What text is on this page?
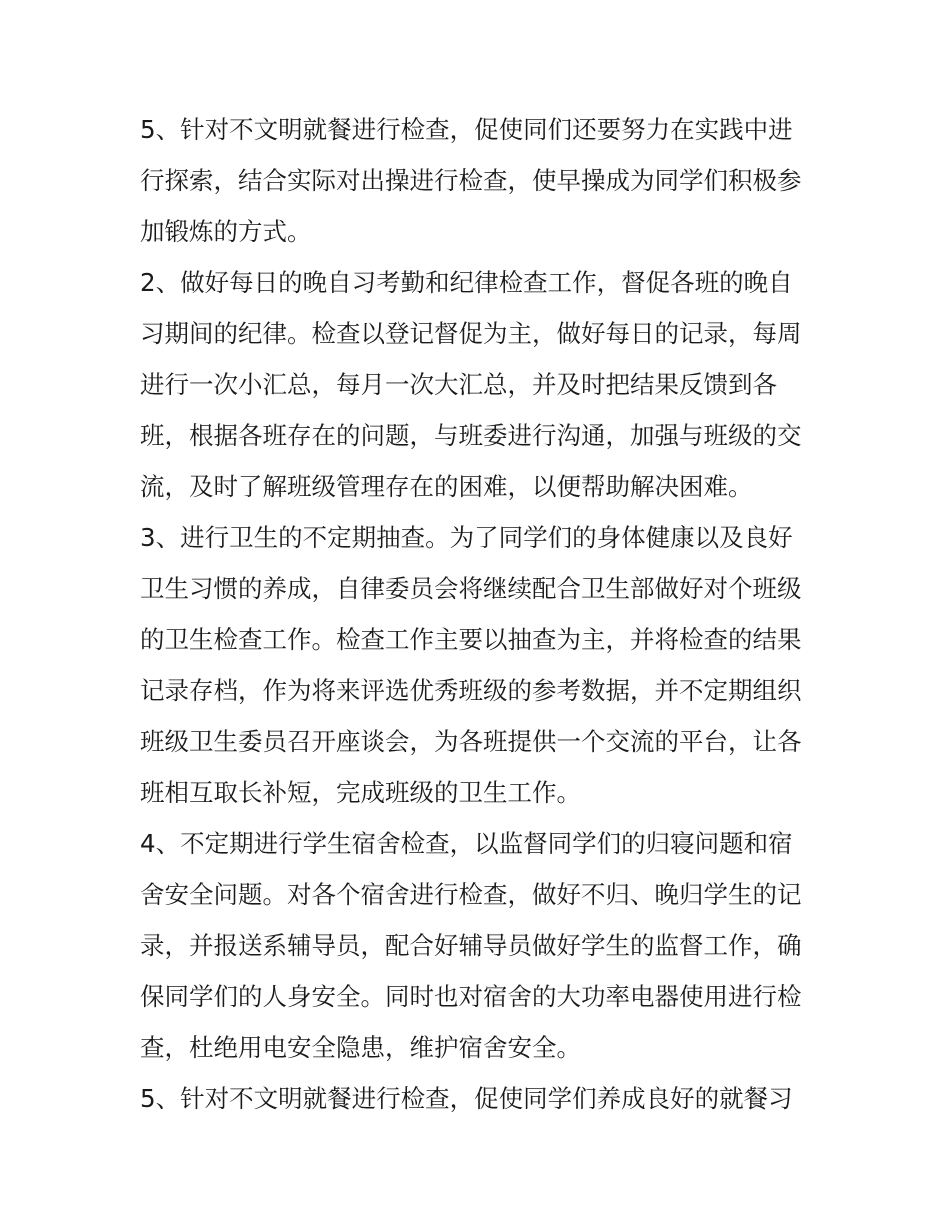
5、针对不文明就餐进行检查，促使同们还要努力在实践中进
行探索，结合实际对出操进行检查，使早操成为同学们积极参
加锻炼的方式。
2、做好每日的晚自习考勤和纪律检查工作，督促各班的晚自
习期间的纪律。检查以登记督促为主，做好每日的记录，每周
进行一次小汇总，每月一次大汇总，并及时把结果反馈到各
班，根据各班存在的问题，与班委进行沟通，加强与班级的交
流，及时了解班级管理存在的困难，以便帮助解决困难。
3、进行卫生的不定期抽查。为了同学们的身体健康以及良好
卫生习惯的养成，自律委员会将继续配合卫生部做好对个班级
的卫生检查工作。检查工作主要以抽查为主，并将检查的结果
记录存档，作为将来评选优秀班级的参考数据，并不定期组织
班级卫生委员召开座谈会，为各班提供一个交流的平台，让各
班相互取长补短，完成班级的卫生工作。
4、不定期进行学生宿舍检查，以监督同学们的归寝问题和宿
舍安全问题。对各个宿舍进行检查，做好不归、晚归学生的记
录，并报送系辅导员，配合好辅导员做好学生的监督工作，确
保同学们的人身安全。同时也对宿舍的大功率电器使用进行检
查，杜绝用电安全隐患，维护宿舍安全。
5、针对不文明就餐进行检查，促使同学们养成良好的就餐习
